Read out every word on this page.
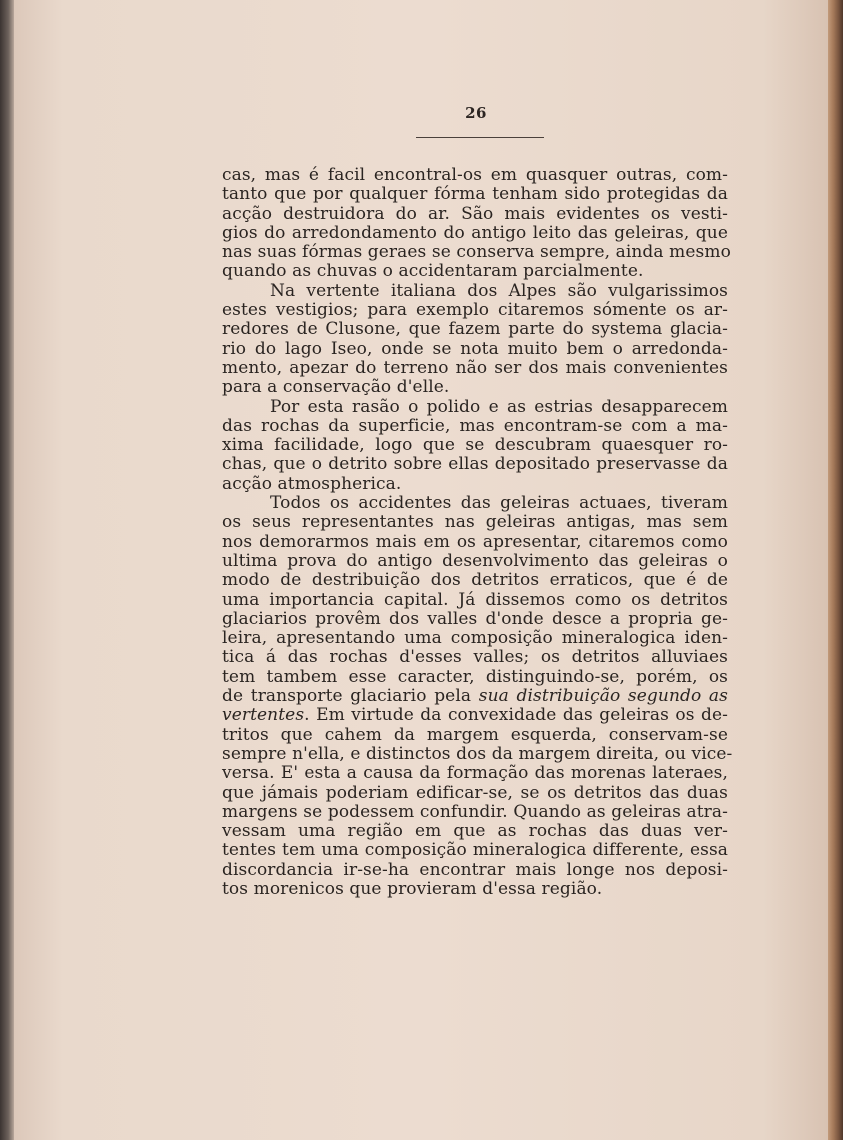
26
cas, mas é facil encontral-os em quasquer outras, com-
tanto que por qualquer fórma tenham sido protegidas da
acção destruidora do ar. São mais evidentes os vesti-
gios do arredondamento do antigo leito das geleiras, que
nas suas fórmas geraes se conserva sempre, ainda mesmo
quando as chuvas o accidentaram parcialmente.
Na vertente italiana dos Alpes são vulgarissimos
estes vestigios; para exemplo citaremos sómente os ar-
redores de Clusone, que fazem parte do systema glacia-
rio do lago Iseo, onde se nota muito bem o arredonda-
mento, apezar do terreno não ser dos mais convenientes
para a conservação d'elle.
Por esta rasão o polido e as estrias desapparecem
das rochas da superficie, mas encontram-se com a ma-
xima facilidade, logo que se descubram quaesquer ro-
chas, que o detrito sobre ellas depositado preservasse da
acção atmospherica.
Todos os accidentes das geleiras actuaes, tiveram
os seus representantes nas geleiras antigas, mas sem
nos demorarmos mais em os apresentar, citaremos como
ultima prova do antigo desenvolvimento das geleiras o
modo de destribuição dos detritos erraticos, que é de
uma importancia capital. Já dissemos como os detritos
glaciarios provêm dos valles d'onde desce a propria ge-
leira, apresentando uma composição mineralogica iden-
tica á das rochas d'esses valles; os detritos alluviaes
tem tambem esse caracter, distinguindo-se, porém, os
de transporte glaciario pela sua distribuição segundo as
vertentes. Em virtude da convexidade das geleiras os de-
tritos que cahem da margem esquerda, conservam-se
sempre n'ella, e distinctos dos da margem direita, ou vice-
versa. E' esta a causa da formação das morenas lateraes,
que jámais poderiam edificar-se, se os detritos das duas
margens se podessem confundir. Quando as geleiras atra-
vessam uma região em que as rochas das duas ver-
tentes tem uma composição mineralogica differente, essa
discordancia ir-se-ha encontrar mais longe nos deposi-
tos morenicos que provieram d'essa região.
